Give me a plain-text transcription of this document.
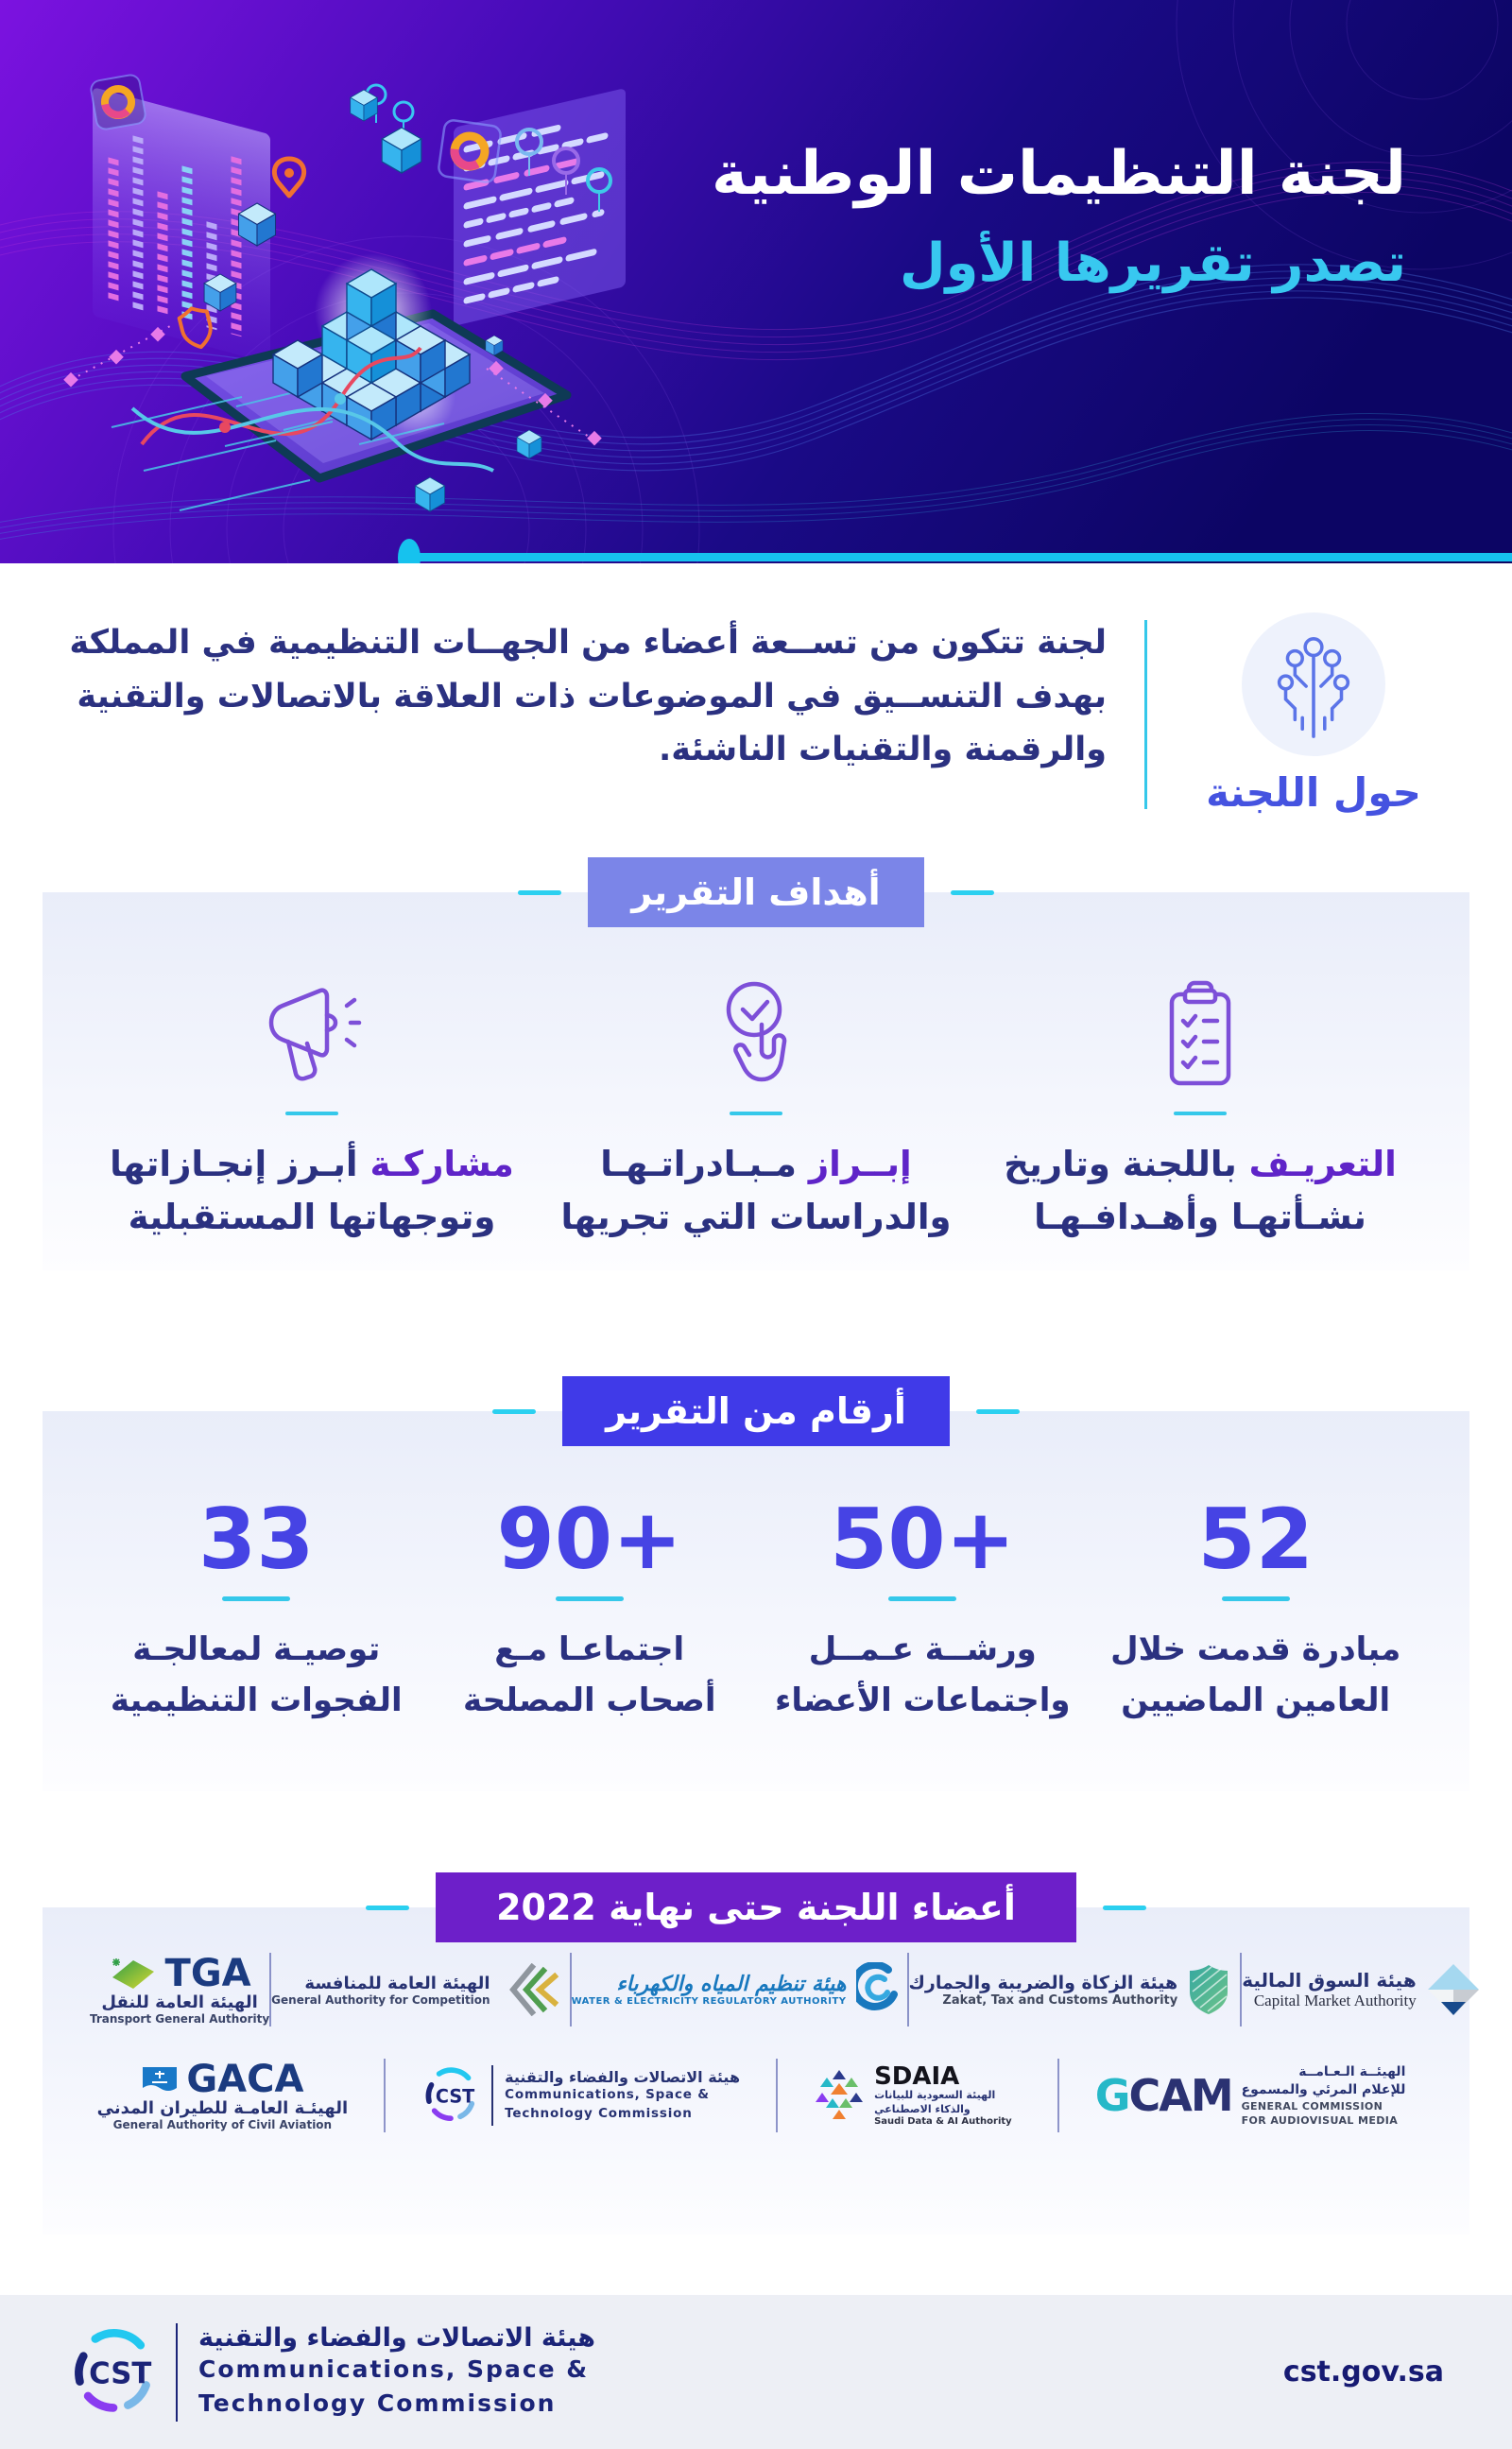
لجنة التنظيمات الوطنية
تصدر تقريرها الأول
حول اللجنة

لجنة تتكون من تســعة أعضاء من الجهــات التنظيمية في المملكة بهدف التنســيق في الموضوعات ذات العلاقة بالاتصالات والتقنية والرقمنة والتقنيات الناشئة.

أهداف التقرير
التعريـف باللجنة وتاريخ
نشـأتهـا وأهـدافـهـا
إبــراز مـبـادراتـهـا
والدراسات التي تجريها
مشاركـة أبـرز إنجـازاتها
وتوجهاتها المستقبلية
أرقام من التقرير
52
مبادرة قدمت خلال
العامين الماضيين
50+
ورشــة عـمــل
واجتماعات الأعضاء
90+
اجتماعـا مـع
أصحاب المصلحة
33
توصيـة لمعالجـة
الفجوات التنظيمية
أعضاء اللجنة حتى نهاية 2022
TGA
الهيئة العامة للنقل
Transport General Authority
الهيئة العامة للمنافسة
General Authority for Competition
هيئة تنظيم المياه والكهرباء
WATER & ELECTRICITY REGULATORY AUTHORITY
هيئة الزكاة والضريبة والجمارك
Zakat, Tax and Customs Authority
هيئة السوق المالية
Capital Market Authority
GACA
الهيئـة العامـة للطيران المدني
General Authority of Civil Aviation
CST
هيئة الاتصالات والفضاء والتقنية
Communications, Space &
Technology Commission
SDAIA
الهيئة السعودية للبيانات
والذكاء الاصطناعي
Saudi Data & AI Authority
GCAM	الهيئــة الـعـامــة
للإعلام المرئي والمسموع
GENERAL COMMISSION
FOR AUDIOVISUAL MEDIA
CST
هيئة الاتصالات والفضاء والتقنية
Communications, Space &
Technology Commission
cst.gov.sa
